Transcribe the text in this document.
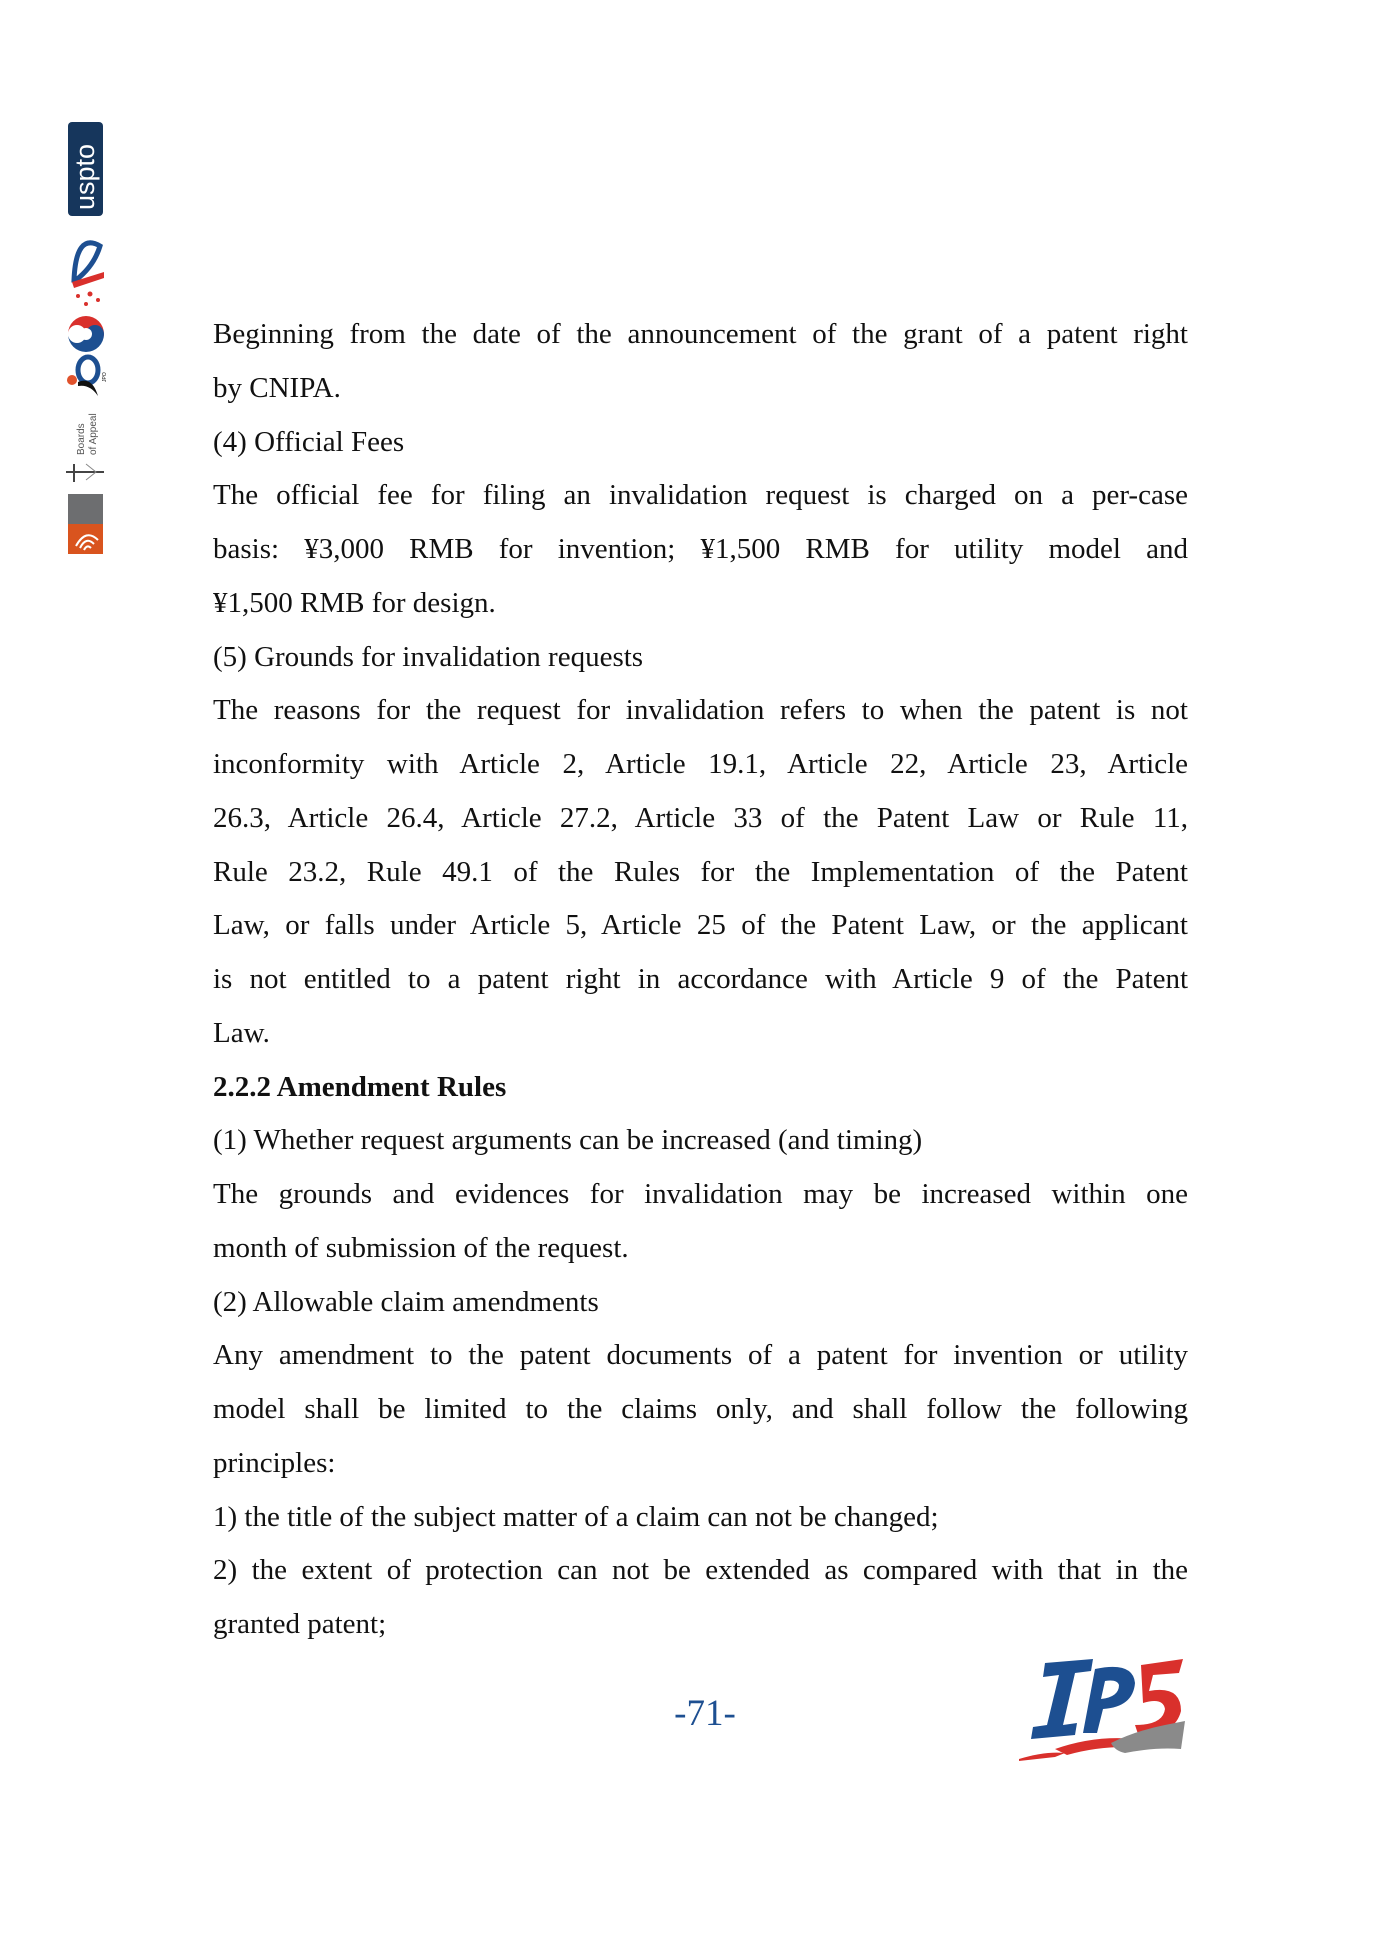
uspto
JPO
Boards of Appeal
Beginning from the date of the announcement of the grant of a patent right
by CNIPA.
(4) Official Fees
The official fee for filing an invalidation request is charged on a per-case
basis: ¥3,000 RMB for invention; ¥1,500 RMB for utility model and
¥1,500 RMB for design.
(5) Grounds for invalidation requests
The reasons for the request for invalidation refers to when the patent is not
inconformity with Article 2, Article 19.1, Article 22, Article 23, Article
26.3, Article 26.4, Article 27.2, Article 33 of the Patent Law or Rule 11,
Rule 23.2, Rule 49.1 of the Rules for the Implementation of the Patent
Law, or falls under Article 5, Article 25 of the Patent Law, or the applicant
is not entitled to a patent right in accordance with Article 9 of the Patent
Law.
2.2.2 Amendment Rules
(1) Whether request arguments can be increased (and timing)
The grounds and evidences for invalidation may be increased within one
month of submission of the request.
(2) Allowable claim amendments
Any amendment to the patent documents of a patent for invention or utility
model shall be limited to the claims only, and shall follow the following
principles:
1) the title of the subject matter of a claim can not be changed;
2) the extent of protection can not be extended as compared with that in the
granted patent;
-71-
